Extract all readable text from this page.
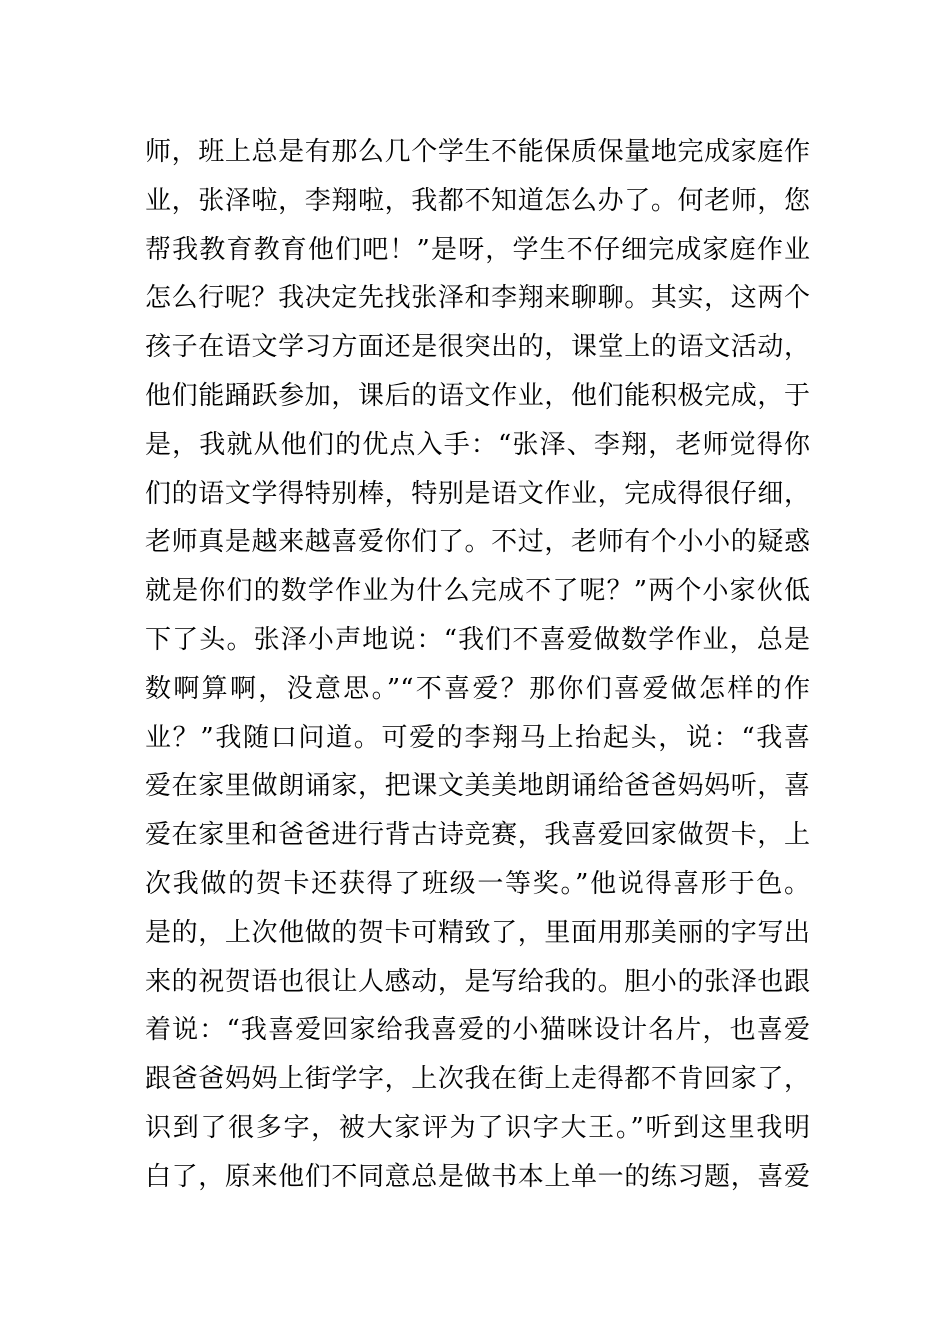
师，班上总是有那么几个学生不能保质保量地完成家庭作
业，张泽啦，李翔啦，我都不知道怎么办了。何老师，您
帮我教育教育他们吧！”是呀，学生不仔细完成家庭作业
怎么行呢？我决定先找张泽和李翔来聊聊。其实，这两个
孩子在语文学习方面还是很突出的，课堂上的语文活动，
他们能踊跃参加，课后的语文作业，他们能积极完成，于
是，我就从他们的优点入手：“张泽、李翔，老师觉得你
们的语文学得特别棒，特别是语文作业，完成得很仔细，
老师真是越来越喜爱你们了。不过，老师有个小小的疑惑
就是你们的数学作业为什么完成不了呢？”两个小家伙低
下了头。张泽小声地说：“我们不喜爱做数学作业，总是
数啊算啊，没意思。”“不喜爱？那你们喜爱做怎样的作
业？”我随口问道。可爱的李翔马上抬起头，说：“我喜
爱在家里做朗诵家，把课文美美地朗诵给爸爸妈妈听，喜
爱在家里和爸爸进行背古诗竞赛，我喜爱回家做贺卡，上
次我做的贺卡还获得了班级一等奖。”他说得喜形于色。
是的，上次他做的贺卡可精致了，里面用那美丽的字写出
来的祝贺语也很让人感动，是写给我的。胆小的张泽也跟
着说：“我喜爱回家给我喜爱的小猫咪设计名片，也喜爱
跟爸爸妈妈上街学字，上次我在街上走得都不肯回家了，
识到了很多字，被大家评为了识字大王。”听到这里我明
白了，原来他们不同意总是做书本上单一的练习题，喜爱
